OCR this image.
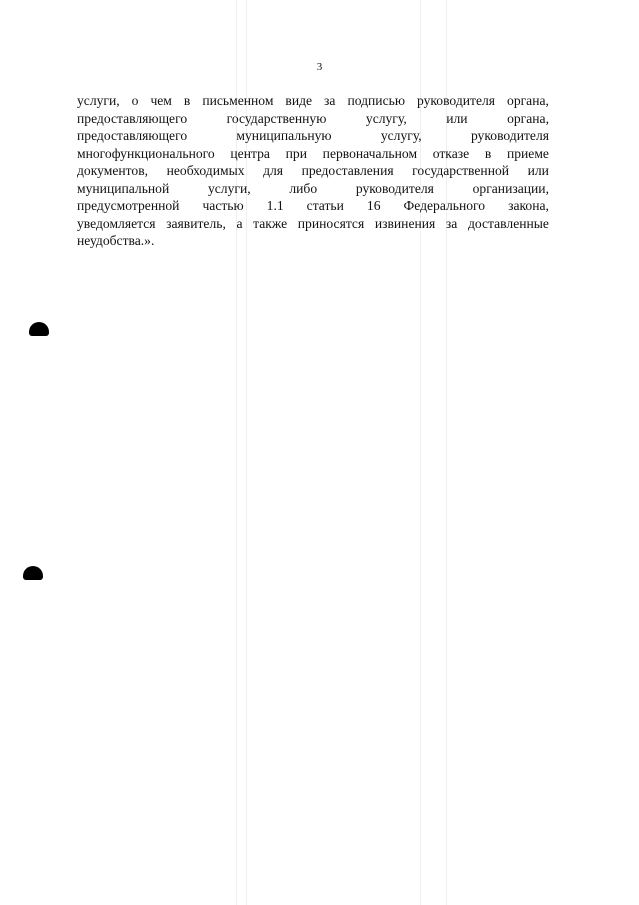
3
услуги, о чем в письменном виде за подписью руководителя органа,
предоставляющего	государственную	услугу,	или	органа,
предоставляющего	муниципальную	услугу,	руководителя
многофункционального центра при первоначальном отказе в приеме
документов, необходимых для предоставления государственной или
муниципальной	услуги,	либо	руководителя	организации,
предусмотренной частью 1.1 статьи 16 Федерального закона,
уведомляется заявитель, а также приносятся извинения за доставленные
неудобства.».
